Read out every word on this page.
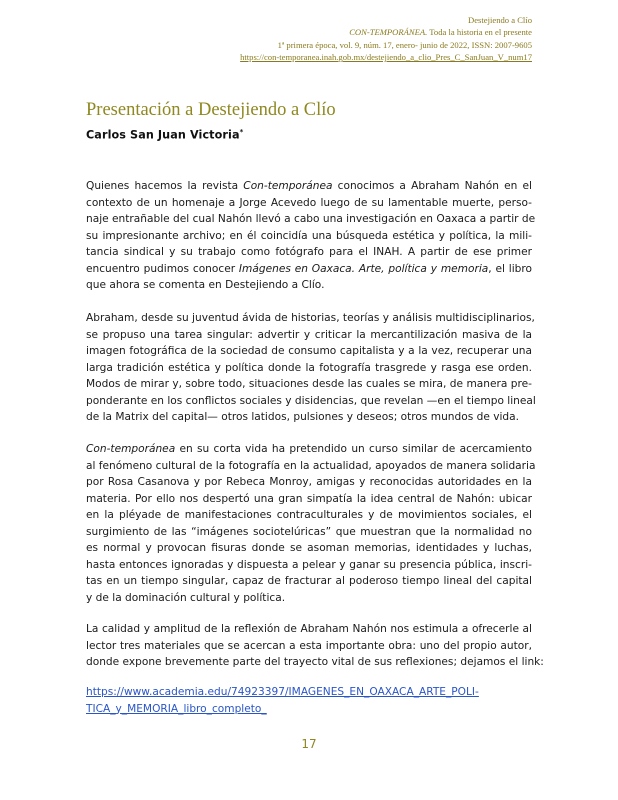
Destejiendo a Clío
CON-TEMPORÁNEA. Toda la historia en el presente
1ª primera época, vol. 9, núm. 17, enero- junio de 2022, ISSN: 2007-9605
https://con-temporanea.inah.gob.mx/destejiendo_a_clio_Pres_C_SanJuan_V_num17
Presentación a Destejiendo a Clío
Carlos San Juan Victoria*
Quienes hacemos la revista Con-temporánea conocimos a Abraham Nahón en el
contexto de un homenaje a Jorge Acevedo luego de su lamentable muerte, perso-
naje entrañable del cual Nahón llevó a cabo una investigación en Oaxaca a partir de
su impresionante archivo; en él coincidía una búsqueda estética y política, la mili-
tancia sindical y su trabajo como fotógrafo para el INAH. A partir de ese primer
encuentro pudimos conocer Imágenes en Oaxaca. Arte, política y memoria, el libro
que ahora se comenta en Destejiendo a Clío.
Abraham, desde su juventud ávida de historias, teorías y análisis multidisciplinarios,
se propuso una tarea singular: advertir y criticar la mercantilización masiva de la
imagen fotográfica de la sociedad de consumo capitalista y a la vez, recuperar una
larga tradición estética y política donde la fotografía trasgrede y rasga ese orden.
Modos de mirar y, sobre todo, situaciones desde las cuales se mira, de manera pre-
ponderante en los conflictos sociales y disidencias, que revelan —en el tiempo lineal
de la Matrix del capital— otros latidos, pulsiones y deseos; otros mundos de vida.
Con-temporánea en su corta vida ha pretendido un curso similar de acercamiento
al fenómeno cultural de la fotografía en la actualidad, apoyados de manera solidaria
por Rosa Casanova y por Rebeca Monroy, amigas y reconocidas autoridades en la
materia. Por ello nos despertó una gran simpatía la idea central de Nahón: ubicar
en la pléyade de manifestaciones contraculturales y de movimientos sociales, el
surgimiento de las “imágenes sociotelúricas” que muestran que la normalidad no
es normal y provocan fisuras donde se asoman memorias, identidades y luchas,
hasta entonces ignoradas y dispuesta a pelear y ganar su presencia pública, inscri-
tas en un tiempo singular, capaz de fracturar al poderoso tiempo lineal del capital
y de la dominación cultural y política.
La calidad y amplitud de la reflexión de Abraham Nahón nos estimula a ofrecerle al
lector tres materiales que se acercan a esta importante obra: uno del propio autor,
donde expone brevemente parte del trayecto vital de sus reflexiones; dejamos el link:
https://www.academia.edu/74923397/IMAGENES_EN_OAXACA_ARTE_POLI-
TICA_y_MEMORIA_libro_completo_
17
